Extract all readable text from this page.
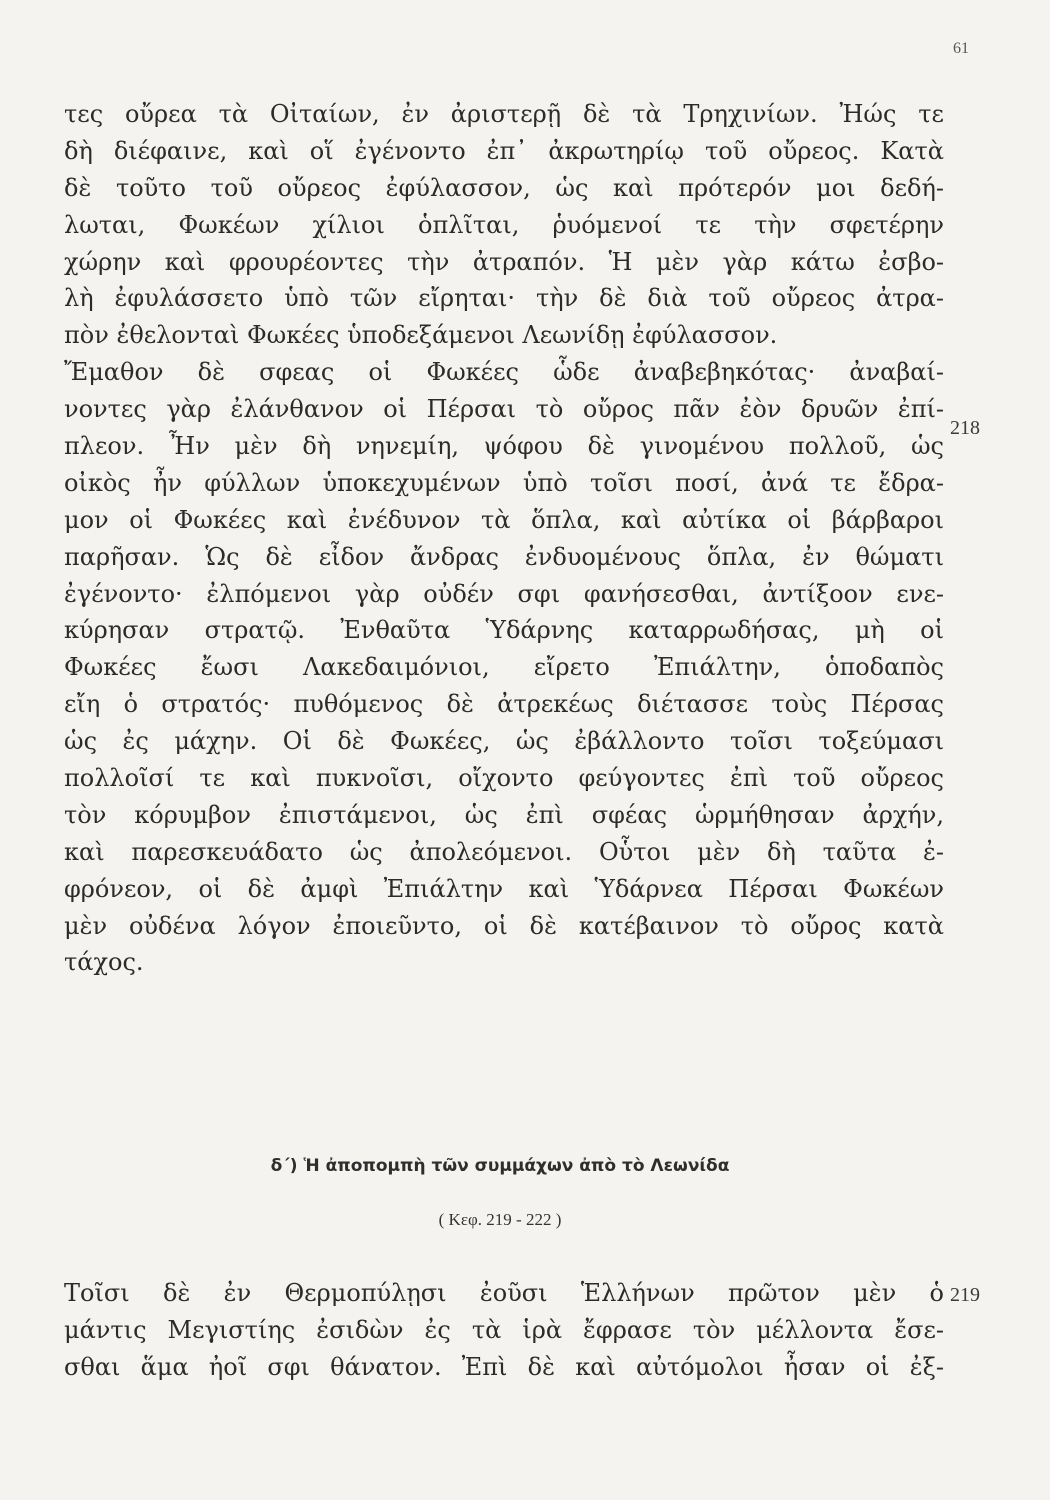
61
τες οὔρεα τὰ Οἰταίων, ἐν ἀριστερῇ δὲ τὰ Τρηχινίων. Ἠώς τε
δὴ διέφαινε, καὶ οἵ ἐγένοντο ἐπ᾽ ἀκρωτηρίῳ τοῦ οὔρεος. Κατὰ
δὲ τοῦτο τοῦ οὔρεος ἐφύλασσον, ὡς καὶ πρότερόν μοι δεδή-
λωται, Φωκέων χίλιοι ὁπλῖται, ῥυόμενοί τε τὴν σφετέρην
χώρην καὶ φρουρέοντες τὴν ἀτραπόν. Ἡ μὲν γὰρ κάτω ἐσβο-
λὴ ἐφυλάσσετο ὑπὸ τῶν εἴρηται· τὴν δὲ διὰ τοῦ οὔρεος ἀτρα-
πὸν ἐθελονταὶ Φωκέες ὑποδεξάμενοι Λεωνίδῃ ἐφύλασσον.
Ἔμαθον δὲ σφεας οἱ Φωκέες ὧδε ἀναβεβηκότας· ἀναβαί-
νοντες γὰρ ἐλάνθανον οἱ Πέρσαι τὸ οὔρος πᾶν ἐὸν δρυῶν ἐπί-
πλεον. Ἦν μὲν δὴ νηνεμίη, ψόφου δὲ γινομένου πολλοῦ, ὡς
οἰκὸς ἦν φύλλων ὑποκεχυμένων ὑπὸ τοῖσι ποσί, ἀνά τε ἔδρα-
μον οἱ Φωκέες καὶ ἐνέδυνον τὰ ὅπλα, καὶ αὐτίκα οἱ βάρβαροι
παρῆσαν. Ὡς δὲ εἶδον ἄνδρας ἐνδυομένους ὅπλα, ἐν θώματι
ἐγένοντο· ἐλπόμενοι γὰρ οὐδέν σφι φανήσεσθαι, ἀντίξοον ενε-
κύρησαν στρατῷ. Ἐνθαῦτα Ὑδάρνης καταρρωδήσας, μὴ οἱ
Φωκέες ἔωσι Λακεδαιμόνιοι, εἴρετο Ἐπιάλτην, ὁποδαπὸς
εἴη ὁ στρατός· πυθόμενος δὲ ἀτρεκέως διέτασσε τοὺς Πέρσας
ὡς ἐς μάχην. Οἱ δὲ Φωκέες, ὡς ἐβάλλοντο τοῖσι τοξεύμασι
πολλοῖσί τε καὶ πυκνοῖσι, οἴχοντο φεύγοντες ἐπὶ τοῦ οὔρεος
τὸν κόρυμβον ἐπιστάμενοι, ὡς ἐπὶ σφέας ὡρμήθησαν ἀρχήν,
καὶ παρεσκευάδατο ὡς ἀπολεόμενοι. Οὗτοι μὲν δὴ ταῦτα ἐ-
φρόνεον, οἱ δὲ ἀμφὶ Ἐπιάλτην καὶ Ὑδάρνεα Πέρσαι Φωκέων
μὲν οὐδένα λόγον ἐποιεῦντο, οἱ δὲ κατέβαινον τὸ οὔρος κατὰ
τάχος.
218
δ΄) Ἡ ἀποπομπὴ τῶν συμμάχων ἀπὸ τὸ Λεωνίδα
( Κεφ. 219 - 222 )
Τοῖσι δὲ ἐν Θερμοπύλῃσι ἐοῦσι Ἑλλήνων πρῶτον μὲν ὁ
μάντις Μεγιστίης ἐσιδὼν ἐς τὰ ἱρὰ ἔφρασε τὸν μέλλοντα ἔσε-
σθαι ἅμα ἠοῖ σφι θάνατον. Ἐπὶ δὲ καὶ αὐτόμολοι ἦσαν οἱ ἐξ-
219
